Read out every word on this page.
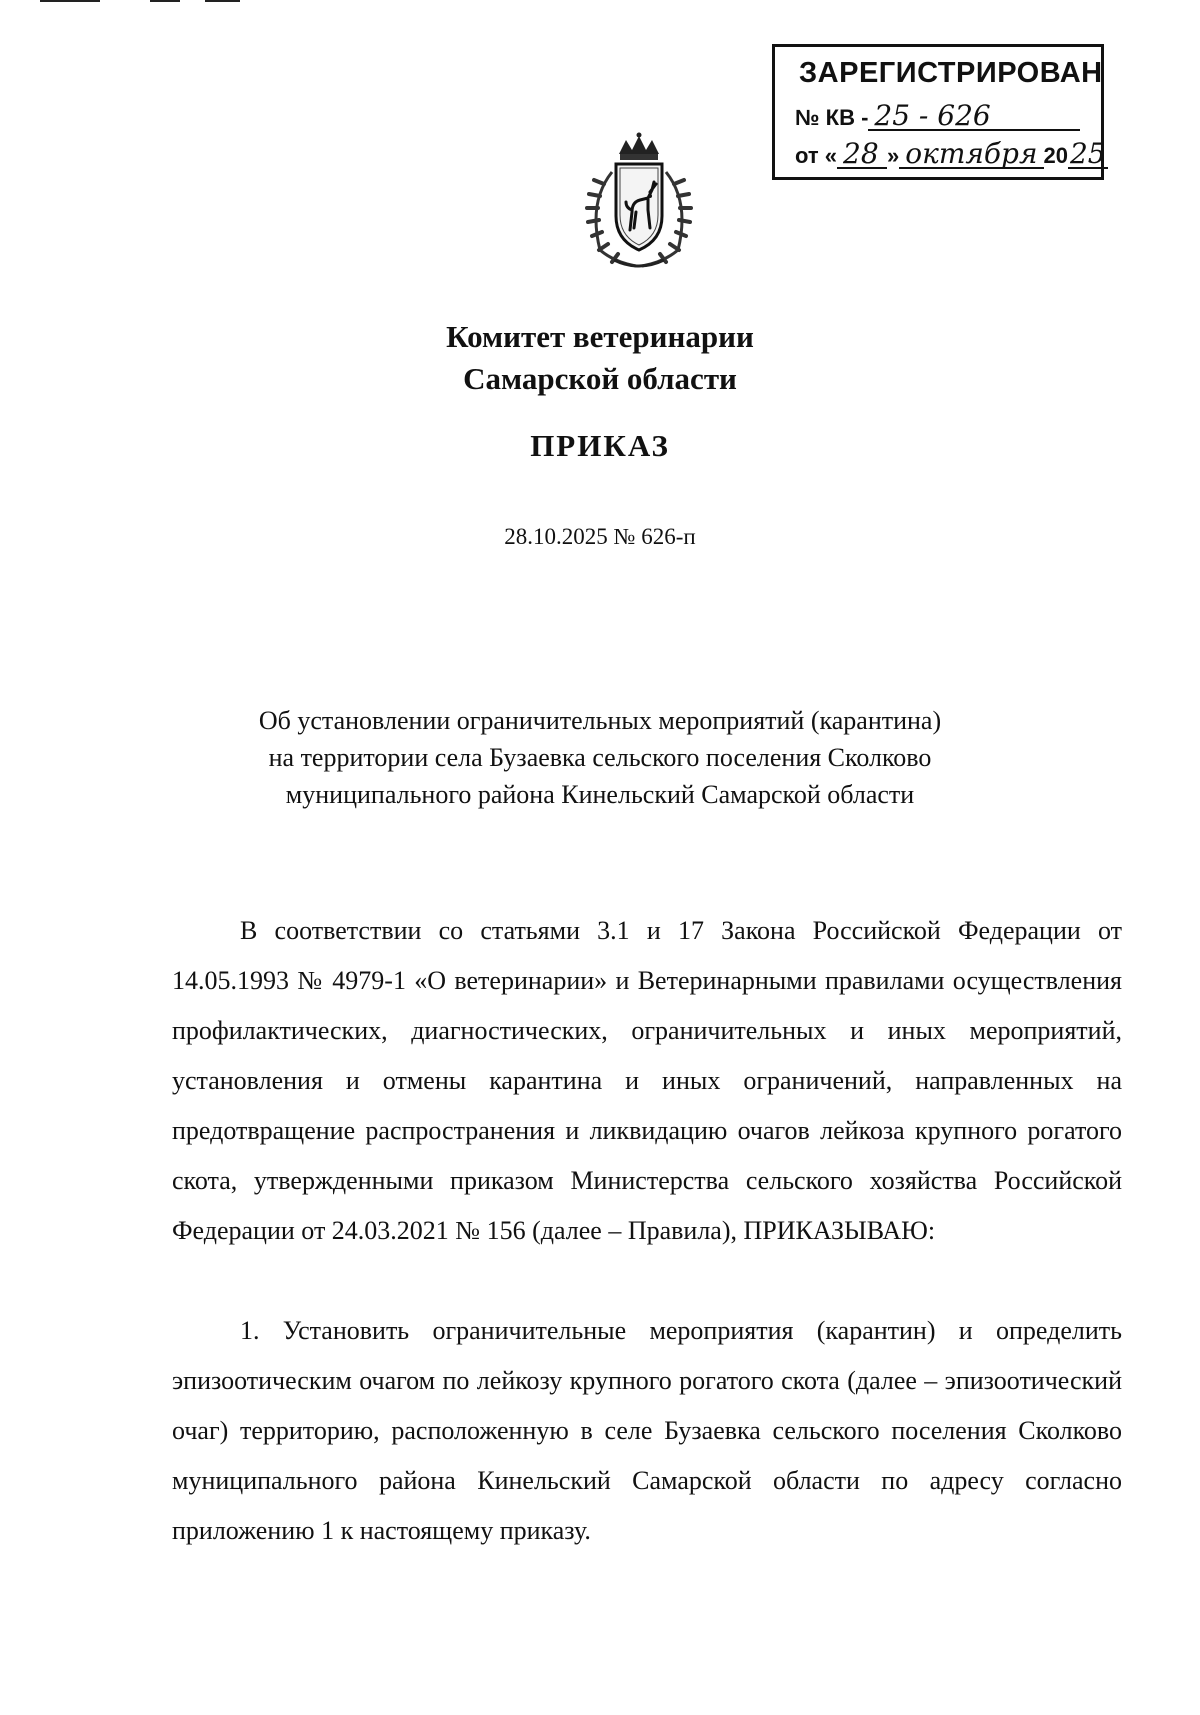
ЗАРЕГИСТРИРОВАН
№ КВ - 25 - 626
от « 28 » октября 2025
Комитет ветеринарии
Самарской области
ПРИКАЗ
28.10.2025 № 626-п
Об установлении ограничительных мероприятий (карантина)
на территории села Бузаевка сельского поселения Сколково
муниципального района Кинельский Самарской области

В соответствии со статьями 3.1 и 17 Закона Российской Федерации от 14.05.1993 № 4979-1 «О ветеринарии» и Ветеринарными правилами осуществления профилактических, диагностических, ограничительных и иных мероприятий, установления и отмены карантина и иных ограничений, направленных на предотвращение распространения и ликвидацию очагов лейкоза крупного рогатого скота, утвержденными приказом Министерства сельского хозяйства Российской Федерации от 24.03.2021 № 156 (далее – Правила), ПРИКАЗЫВАЮ:

1. Установить ограничительные мероприятия (карантин) и определить эпизоотическим очагом по лейкозу крупного рогатого скота (далее – эпизоотический очаг) территорию, расположенную в селе Бузаевка сельского поселения Сколково муниципального района Кинельский Самарской области по адресу согласно приложению 1 к настоящему приказу.
